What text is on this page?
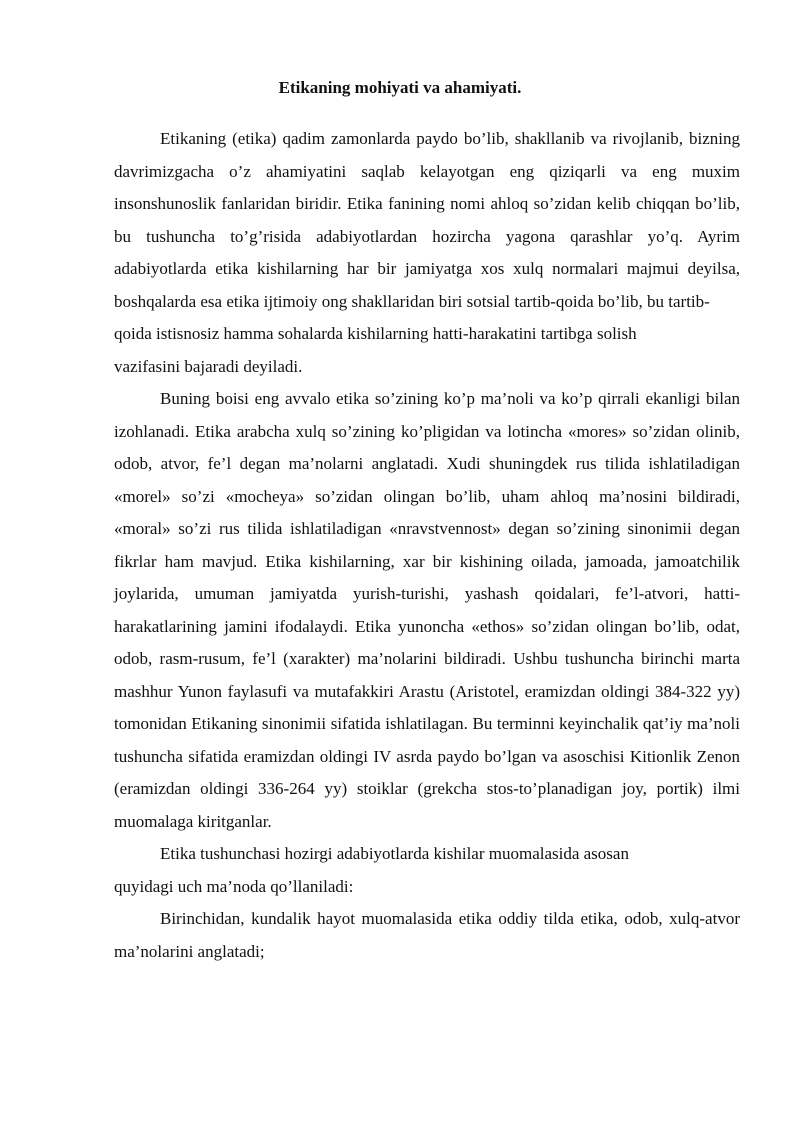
Etikaning mohiyati va ahamiyati.

Etikaning (etika) qadim zamonlarda paydo bo’lib, shakllanib va rivojlanib, bizning davrimizgacha o’z ahamiyatini saqlab kelayotgan eng qiziqarli va eng muxim insonshunoslik fanlaridan biridir. Etika fanining nomi ahloq so’zidan kelib chiqqan bo’lib, bu tushuncha to’g’risida adabiyotlardan hozircha yagona qarashlar yo’q. Ayrim adabiyotlarda etika kishilarning har bir jamiyatga xos xulq normalari majmui deyilsa, boshqalarda esa etika ijtimoiy ong shakllaridan biri sotsial tartib-qoida bo’lib, bu tartib-

qoida istisnosiz hamma sohalarda kishilarning hatti-harakatini tartibga solish

vazifasini bajaradi deyiladi.

Buning boisi eng avvalo etika so’zining ko’p ma’noli va ko’p qirrali ekanligi bilan izohlanadi. Etika arabcha xulq so’zining ko’pligidan va lotincha «mores» so’zidan olinib, odob, atvor, fe’l degan ma’nolarni anglatadi. Xudi shuningdek rus tilida ishlatiladigan «morel» so’zi «mocheya» so’zidan olingan bo’lib, uham ahloq ma’nosini bildiradi, «moral» so’zi rus tilida ishlatiladigan «nravstvennost» degan so’zining sinonimii degan fikrlar ham mavjud. Etika kishilarning, xar bir kishining oilada, jamoada, jamoatchilik joylarida, umuman jamiyatda yurish-turishi, yashash qoidalari, fe’l-atvori, hatti-harakatlarining jamini ifodalaydi. Etika yunoncha «ethos» so’zidan olingan bo’lib, odat, odob, rasm-rusum, fe’l (xarakter) ma’nolarini bildiradi. Ushbu tushuncha birinchi marta mashhur Yunon faylasufi va mutafakkiri Arastu (Aristotel, eramizdan oldingi 384-322 yy) tomonidan Etikaning sinonimii sifatida ishlatilagan. Bu terminni keyinchalik qat’iy ma’noli tushuncha sifatida eramizdan oldingi IV asrda paydo bo’lgan va asoschisi Kitionlik Zenon (eramizdan oldingi 336-264 yy) stoiklar (grekcha stos-to’planadigan joy, portik) ilmi muomalaga kiritganlar.

Etika tushunchasi hozirgi adabiyotlarda kishilar muomalasida asosan

quyidagi uch ma’noda qo’llaniladi:

Birinchidan, kundalik hayot muomalasida etika oddiy tilda etika, odob, xulq-atvor ma’nolarini anglatadi;
